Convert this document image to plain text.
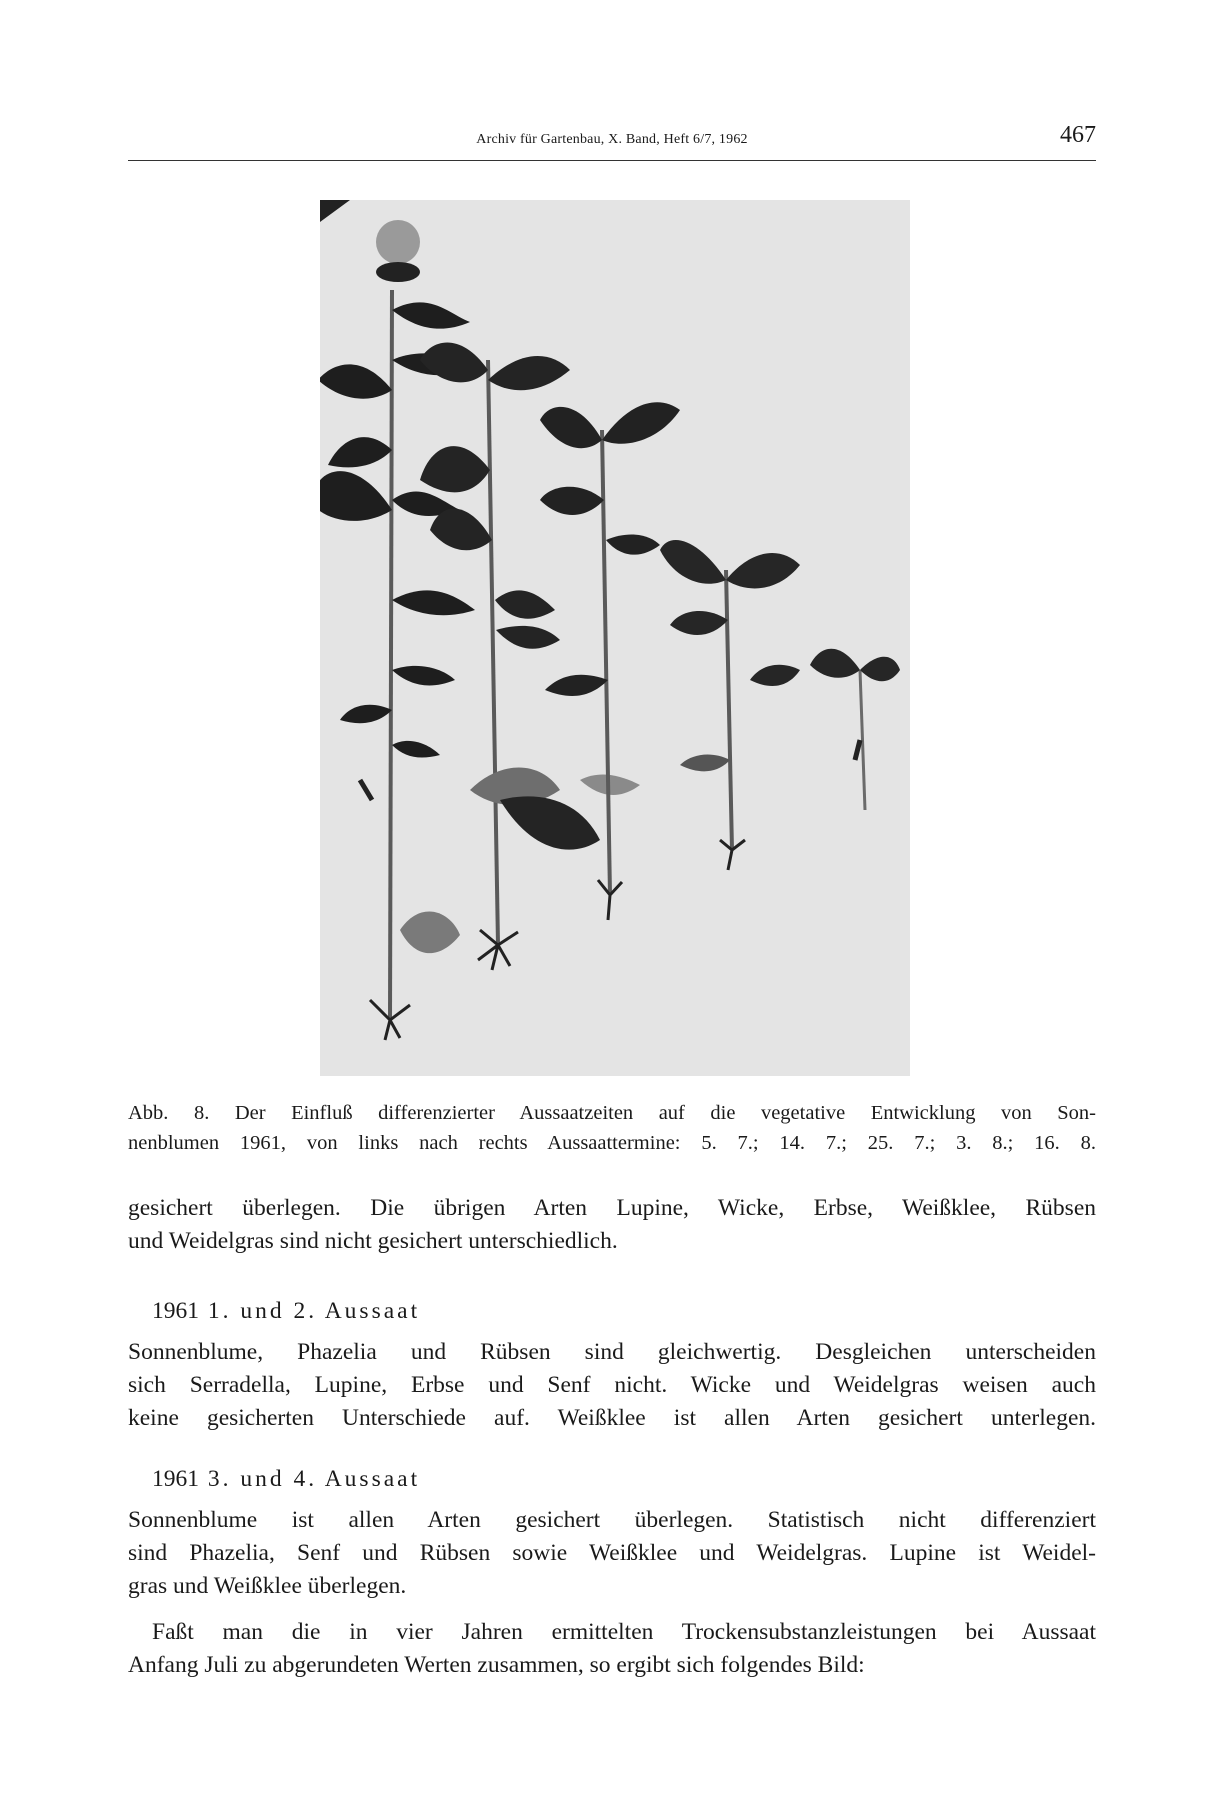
Archiv für Gartenbau, X. Band, Heft 6/7, 1962	467
Abb. 8. Der Einfluß differenzierter Aussaatzeiten auf die vegetative Entwicklung von Son-
nenblumen 1961, von links nach rechts Aussaattermine: 5. 7.; 14. 7.; 25. 7.; 3. 8.; 16. 8.
gesichert überlegen. Die übrigen Arten Lupine, Wicke, Erbse, Weißklee, Rübsen
und Weidelgras sind nicht gesichert unterschiedlich.
1961 1. und 2. Aussaat
Sonnenblume, Phazelia und Rübsen sind gleichwertig. Desgleichen unterscheiden
sich Serradella, Lupine, Erbse und Senf nicht. Wicke und Weidelgras weisen auch
keine gesicherten Unterschiede auf. Weißklee ist allen Arten gesichert unterlegen.
1961 3. und 4. Aussaat
Sonnenblume ist allen Arten gesichert überlegen. Statistisch nicht differenziert
sind Phazelia, Senf und Rübsen sowie Weißklee und Weidelgras. Lupine ist Weidel-
gras und Weißklee überlegen.
Faßt man die in vier Jahren ermittelten Trockensubstanzleistungen bei Aussaat
Anfang Juli zu abgerundeten Werten zusammen, so ergibt sich folgendes Bild:
